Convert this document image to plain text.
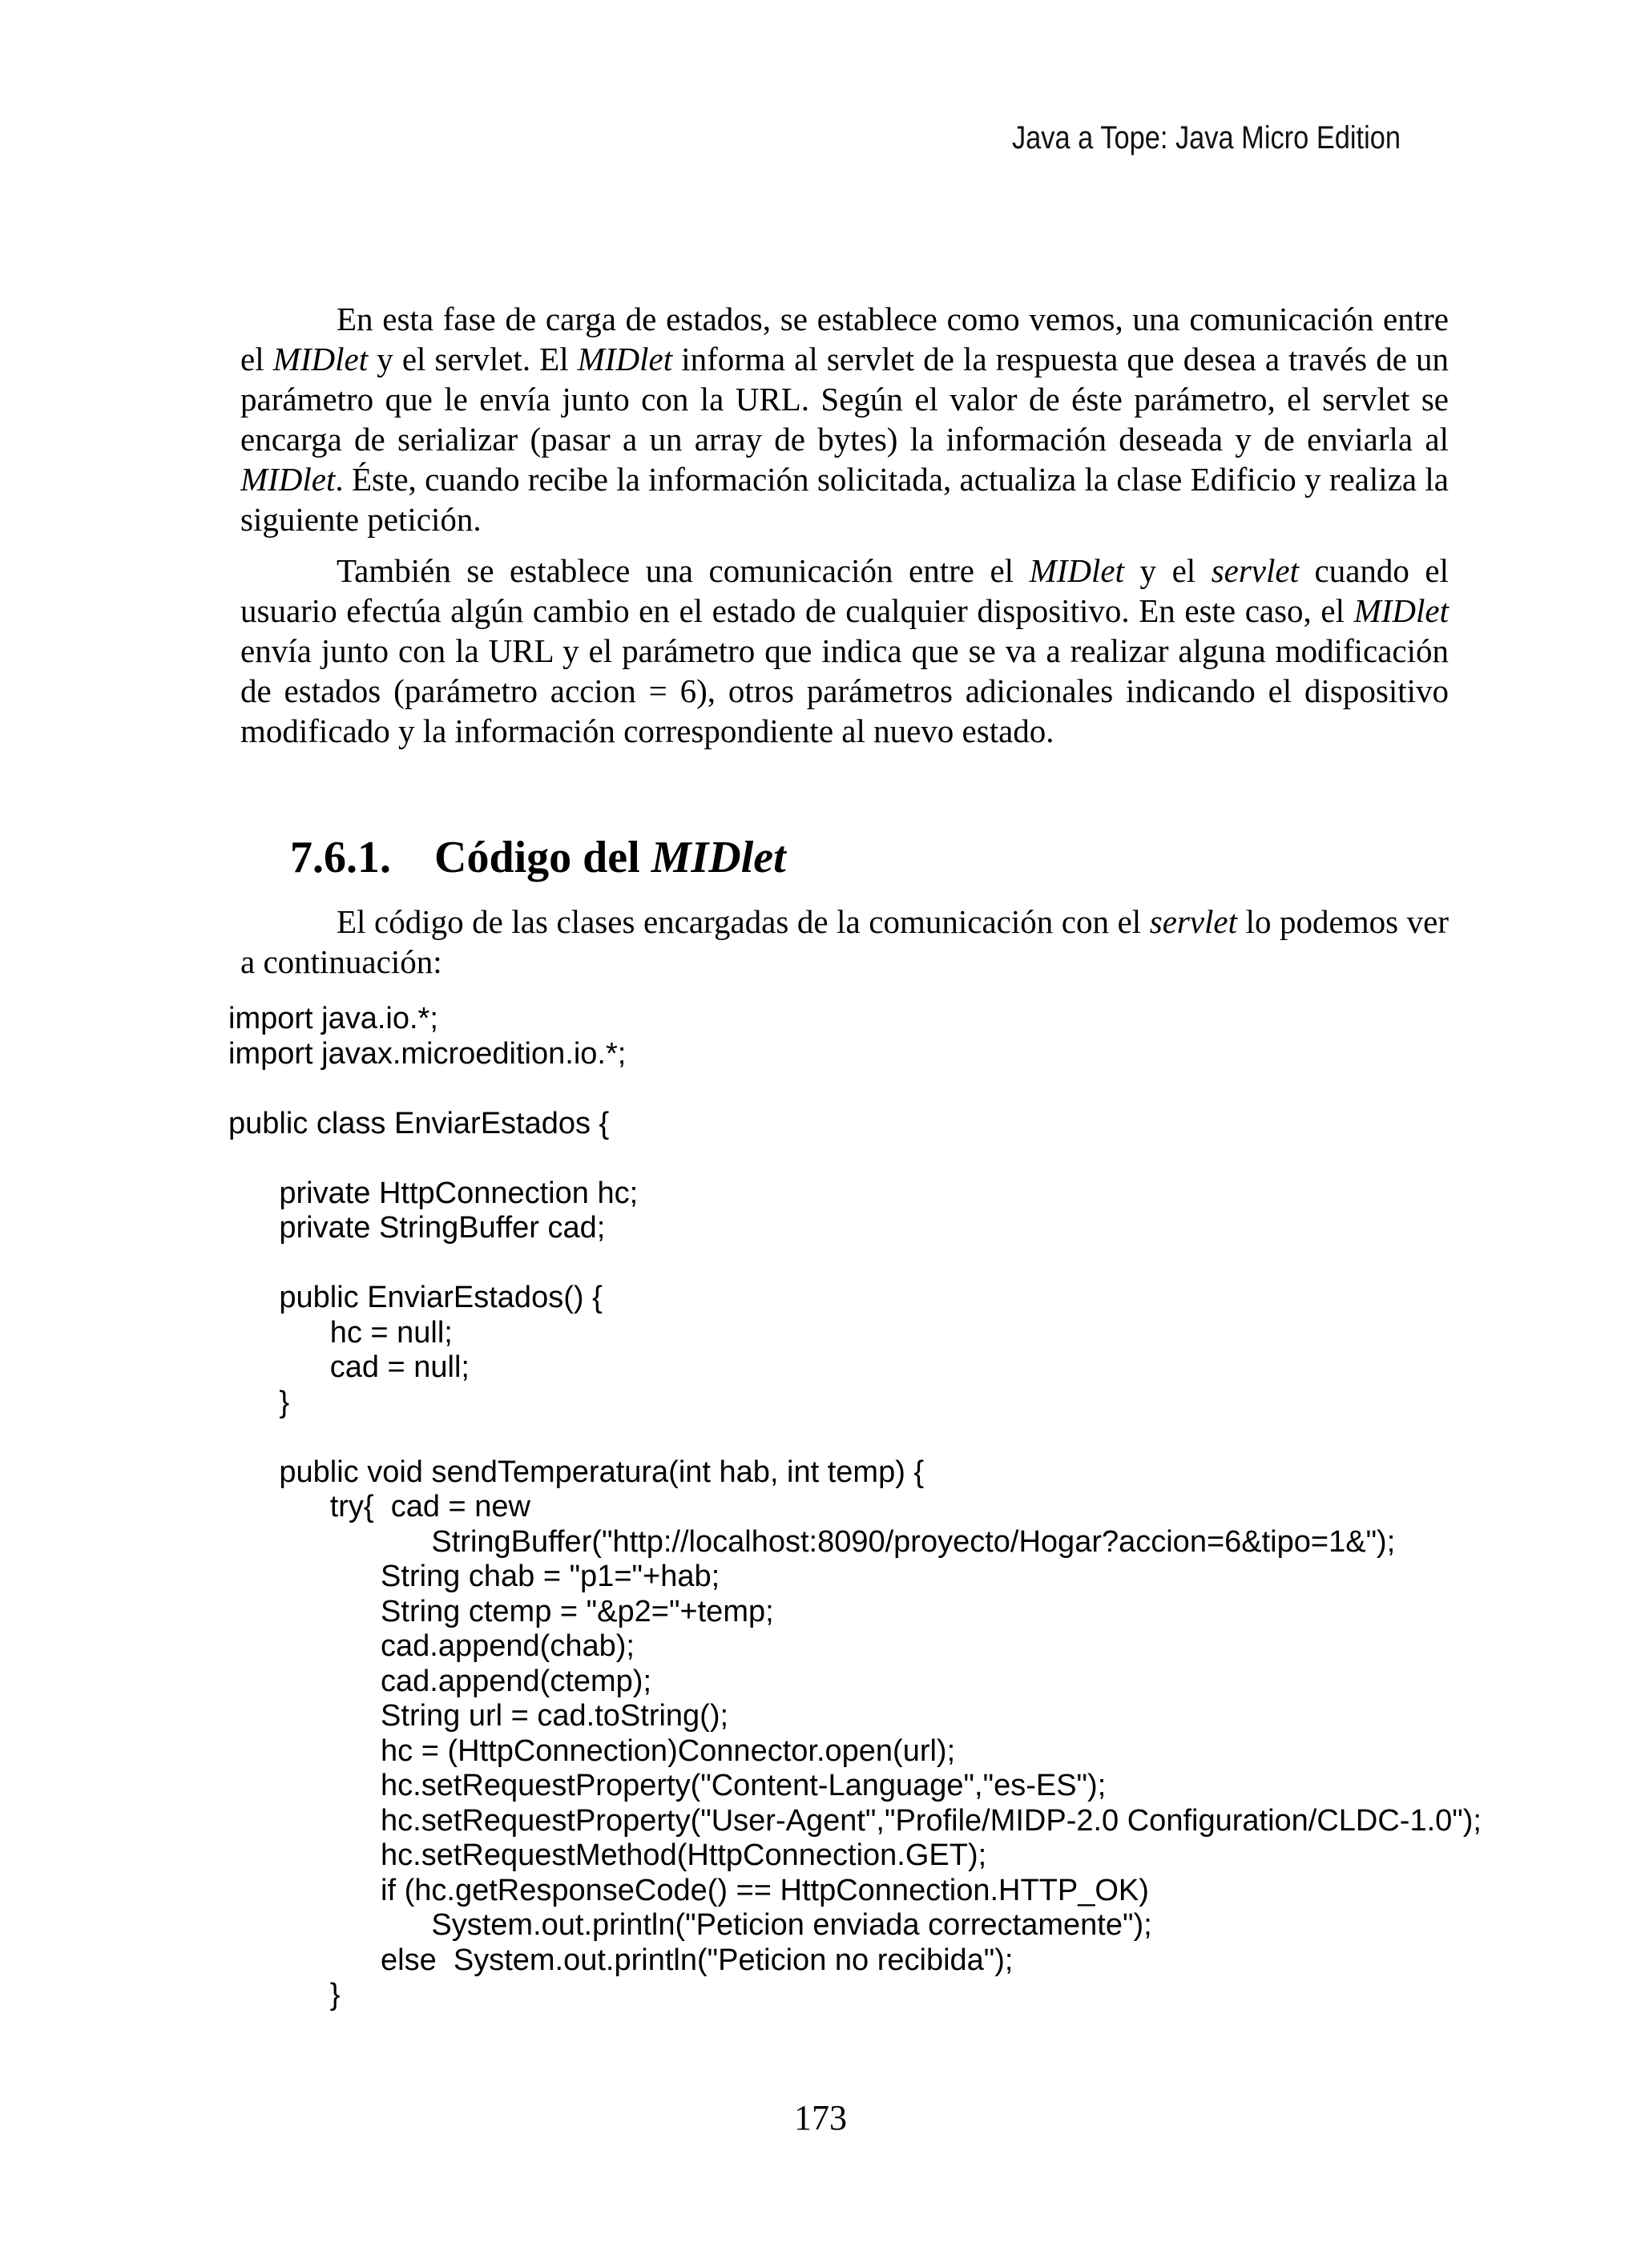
Java a Tope: Java Micro Edition

En esta fase de carga de estados, se establece como vemos, una comunicación entre el MIDlet y el servlet. El MIDlet informa al servlet de la respuesta que desea a través de un parámetro que le envía junto con la URL. Según el valor de éste parámetro, el servlet se encarga de serializar (pasar a un array de bytes) la información deseada y de enviarla al MIDlet. Éste, cuando recibe la información solicitada, actualiza la clase Edificio y realiza la siguiente petición.

También se establece una comunicación entre el MIDlet y el servlet cuando el usuario efectúa algún cambio en el estado de cualquier dispositivo. En este caso, el MIDlet envía junto con la URL y el parámetro que indica que se va a realizar alguna modificación de estados (parámetro accion = 6), otros parámetros adicionales indicando el dispositivo modificado y la información correspondiente al nuevo estado.

7.6.1. Código del MIDlet

El código de las clases encargadas de la comunicación con el servlet lo podemos ver a continuación:

import java.io.*;
import javax.microedition.io.*;
public class EnviarEstados {
private HttpConnection hc;
private StringBuffer cad;
public EnviarEstados() {
hc = null;
cad = null;
}
public void sendTemperatura(int hab, int temp) {
try{  cad = new
StringBuffer("http://localhost:8090/proyecto/Hogar?accion=6&tipo=1&");
String chab = "p1="+hab;
String ctemp = "&p2="+temp;
cad.append(chab);
cad.append(ctemp);
String url = cad.toString();
hc = (HttpConnection)Connector.open(url);
hc.setRequestProperty("Content-Language","es-ES");
hc.setRequestProperty("User-Agent","Profile/MIDP-2.0 Configuration/CLDC-1.0");
hc.setRequestMethod(HttpConnection.GET);
if (hc.getResponseCode() == HttpConnection.HTTP_OK)
System.out.println("Peticion enviada correctamente");
else  System.out.println("Peticion no recibida");
}
173
